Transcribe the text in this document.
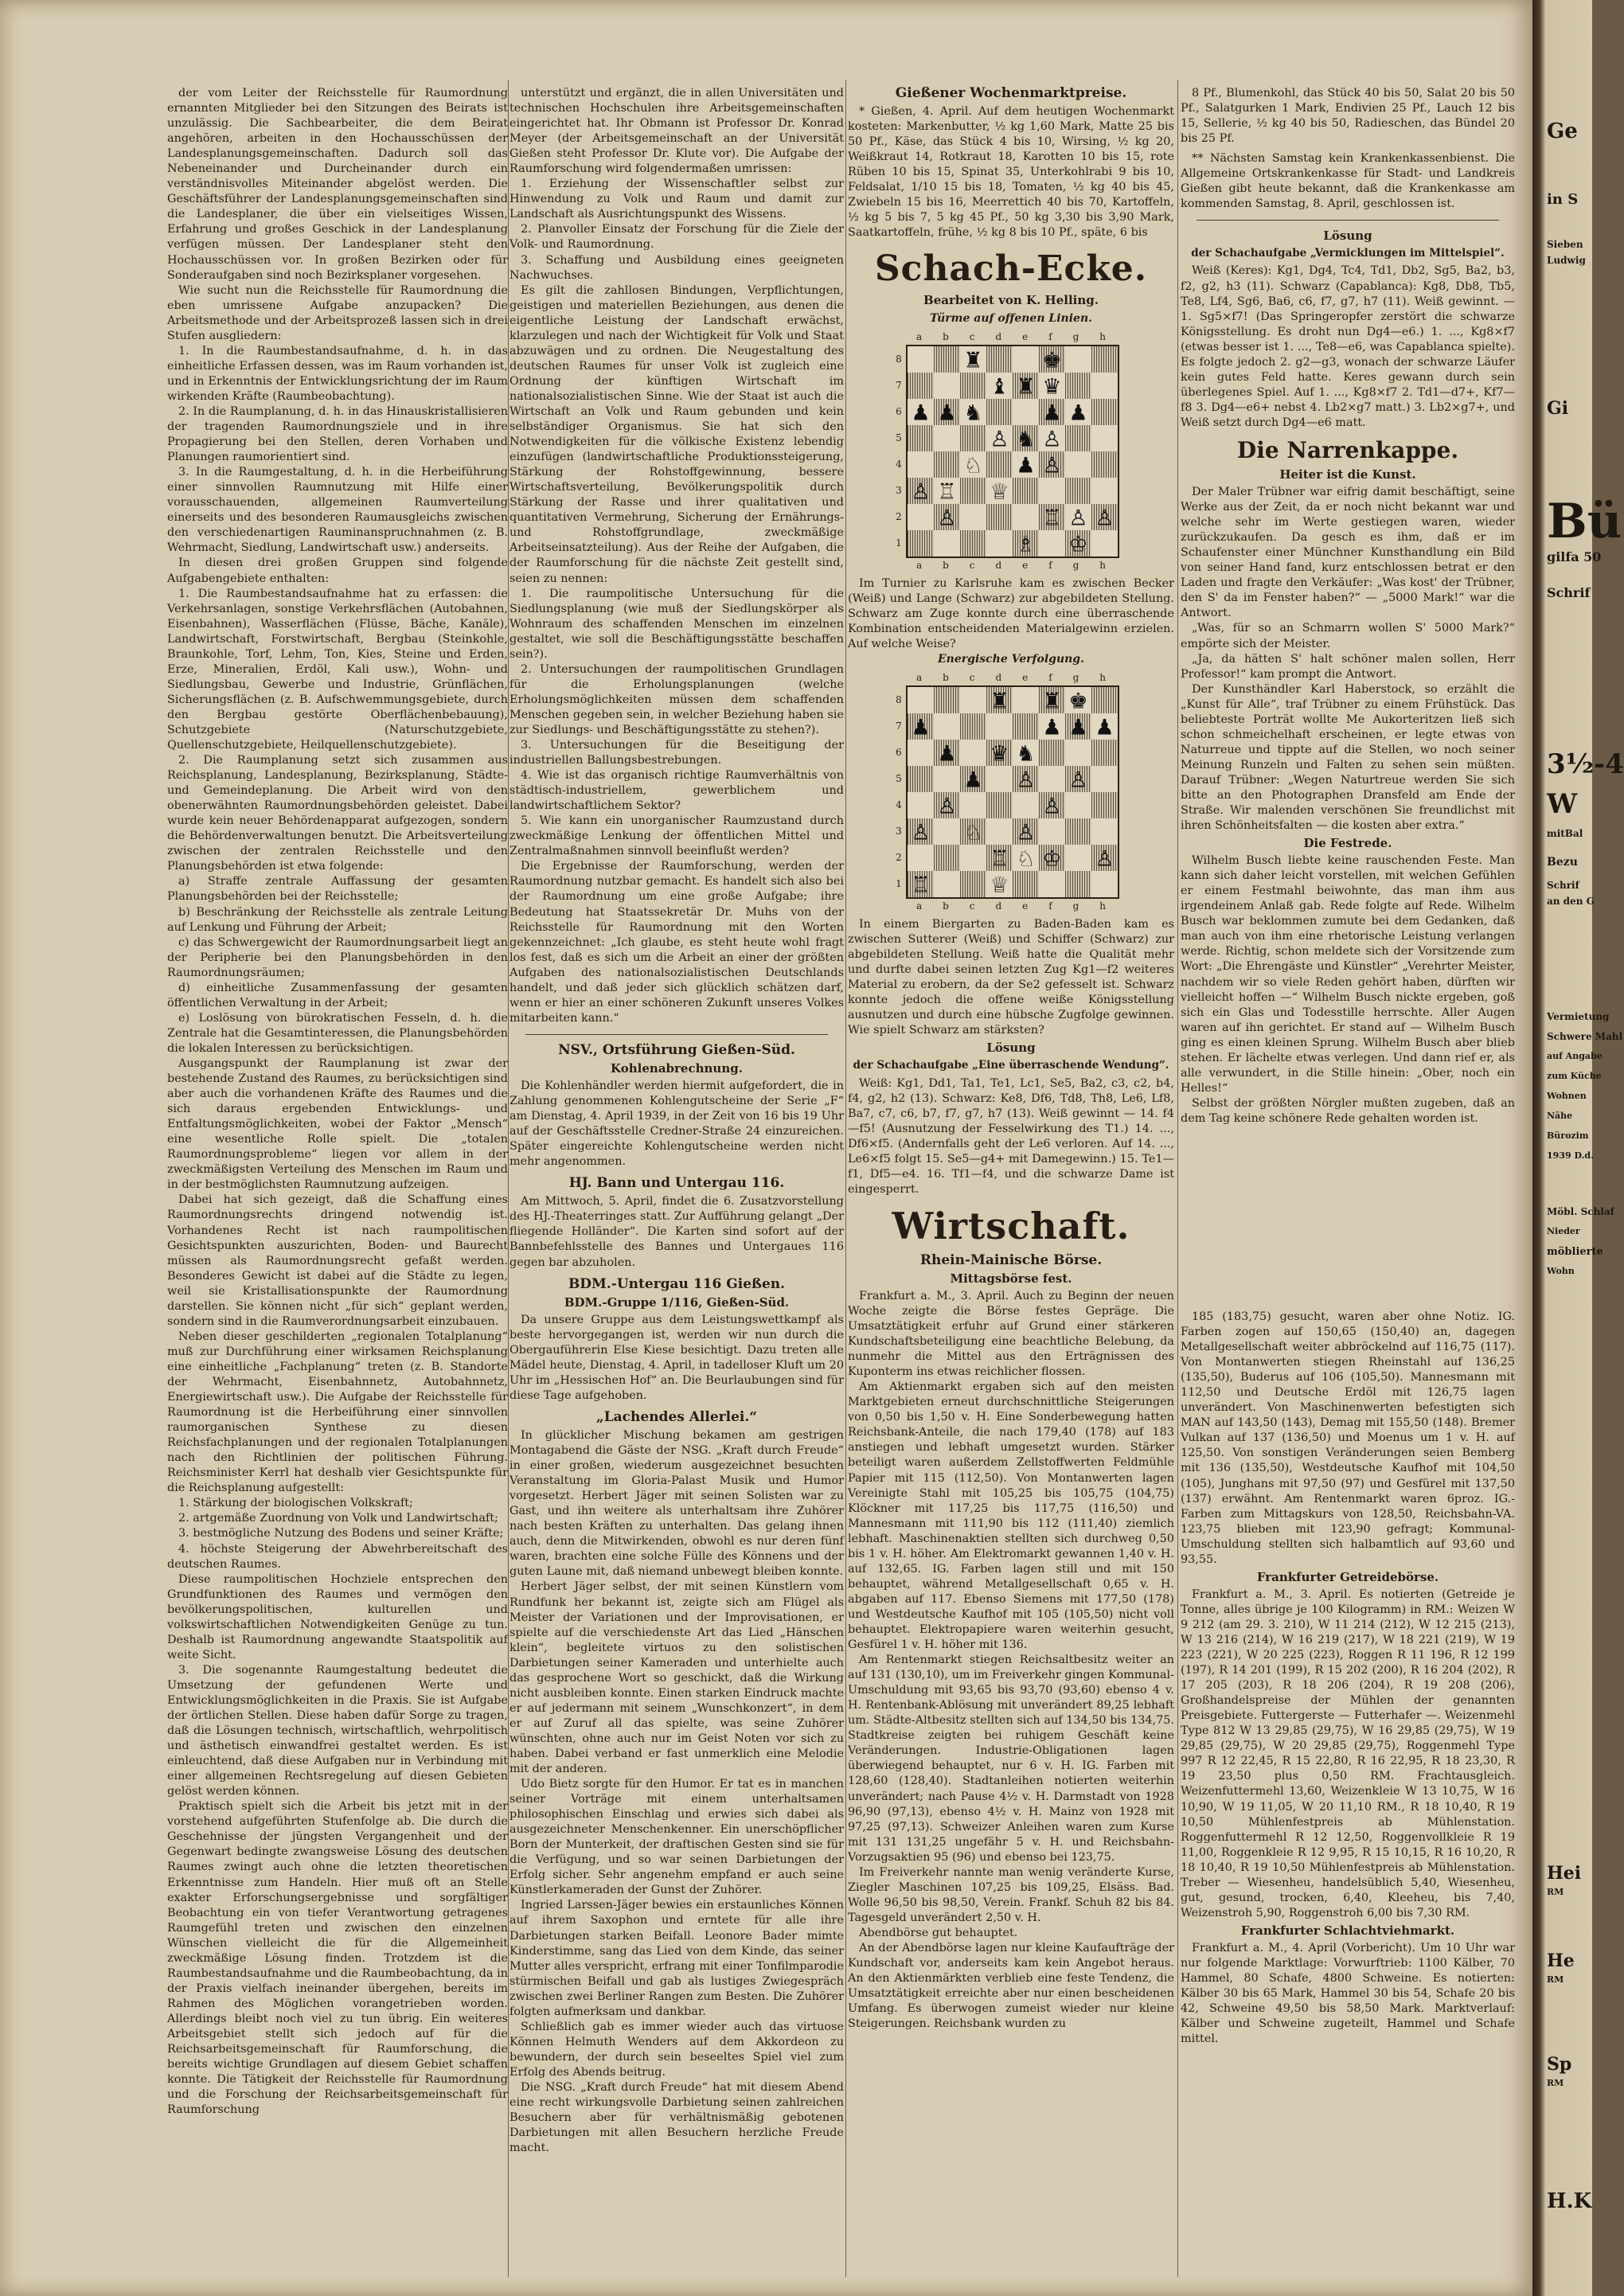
der vom Leiter der Reichsstelle für Raumordnung ernannten Mitglieder bei den Sitzungen des Beirats ist unzulässig. Die Sachbearbeiter, die dem Beirat angehören, arbeiten in den Hochausschüssen der Landesplanungsgemeinschaften. Dadurch soll das Nebeneinander und Durcheinander durch ein verständnisvolles Miteinander abgelöst werden. Die Geschäftsführer der Landesplanungsgemeinschaften sind die Landesplaner, die über ein vielseitiges Wissen, Erfahrung und großes Geschick in der Landesplanung verfügen müssen. Der Landesplaner steht den Hochausschüssen vor. In großen Bezirken oder für Sonderaufgaben sind noch Bezirksplaner vorgesehen.

Wie sucht nun die Reichsstelle für Raumordnung die eben umrissene Aufgabe anzupacken? Die Arbeitsmethode und der Arbeitsprozeß lassen sich in drei Stufen ausgliedern:

1. In die Raumbestandsaufnahme, d. h. in das einheitliche Erfassen dessen, was im Raum vorhanden ist, und in Erkenntnis der Entwicklungsrichtung der im Raum wirkenden Kräfte (Raumbeobachtung).

2. In die Raumplanung, d. h. in das Hinauskristallisieren der tragenden Raumordnungsziele und in ihre Propagierung bei den Stellen, deren Vorhaben und Planungen raumorientiert sind.

3. In die Raumgestaltung, d. h. in die Herbeiführung einer sinnvollen Raumnutzung mit Hilfe einer vorausschauenden, allgemeinen Raumverteilung einerseits und des besonderen Raumausgleichs zwischen den verschiedenartigen Rauminanspruchnahmen (z. B. Wehrmacht, Siedlung, Landwirtschaft usw.) anderseits.

In diesen drei großen Gruppen sind folgende Aufgabengebiete enthalten:

1. Die Raumbestandsaufnahme hat zu erfassen: die Verkehrsanlagen, sonstige Verkehrsflächen (Autobahnen, Eisenbahnen), Wasserflächen (Flüsse, Bäche, Kanäle), Landwirtschaft, Forstwirtschaft, Bergbau (Steinkohle, Braunkohle, Torf, Lehm, Ton, Kies, Steine und Erden, Erze, Mineralien, Erdöl, Kali usw.), Wohn- und Siedlungsbau, Gewerbe und Industrie, Grünflächen, Sicherungsflächen (z. B. Aufschwemmungsgebiete, durch den Bergbau gestörte Oberflächenbebauung), Schutzgebiete (Naturschutzgebiete, Quellenschutzgebiete, Heilquellenschutzgebiete).

2. Die Raumplanung setzt sich zusammen aus Reichsplanung, Landesplanung, Bezirksplanung, Städte- und Gemeindeplanung. Die Arbeit wird von den obenerwähnten Raumordnungsbehörden geleistet. Dabei wurde kein neuer Behördenapparat aufgezogen, sondern die Behördenverwaltungen benutzt. Die Arbeitsverteilung zwischen der zentralen Reichsstelle und den Planungsbehörden ist etwa folgende:

a) Straffe zentrale Auffassung der gesamten Planungsbehörden bei der Reichsstelle;

b) Beschränkung der Reichsstelle als zentrale Leitung auf Lenkung und Führung der Arbeit;

c) das Schwergewicht der Raumordnungsarbeit liegt an der Peripherie bei den Planungsbehörden in den Raumordnungsräumen;

d) einheitliche Zusammenfassung der gesamten öffentlichen Verwaltung in der Arbeit;

e) Loslösung von bürokratischen Fesseln, d. h. die Zentrale hat die Gesamtinteressen, die Planungsbehörden die lokalen Interessen zu berücksichtigen.

Ausgangspunkt der Raumplanung ist zwar der bestehende Zustand des Raumes, zu berücksichtigen sind aber auch die vorhandenen Kräfte des Raumes und die sich daraus ergebenden Entwicklungs- und Entfaltungsmöglichkeiten, wobei der Faktor „Mensch“ eine wesentliche Rolle spielt. Die „totalen Raumordnungsprobleme“ liegen vor allem in der zweckmäßigsten Verteilung des Menschen im Raum und in der bestmöglichsten Raumnutzung aufzeigen.

Dabei hat sich gezeigt, daß die Schaffung eines Raumordnungsrechts dringend notwendig ist. Vorhandenes Recht ist nach raumpolitischen Gesichtspunkten auszurichten, Boden- und Baurecht müssen als Raumordnungsrecht gefaßt werden. Besonderes Gewicht ist dabei auf die Städte zu legen, weil sie Kristallisationspunkte der Raumordnung darstellen. Sie können nicht „für sich“ geplant werden, sondern sind in die Raumverordnungsarbeit einzubauen.

Neben dieser geschilderten „regionalen Totalplanung“ muß zur Durchführung einer wirksamen Reichsplanung eine einheitliche „Fachplanung“ treten (z. B. Standorte der Wehrmacht, Eisenbahnnetz, Autobahnnetz, Energiewirtschaft usw.). Die Aufgabe der Reichsstelle für Raumordnung ist die Herbeiführung einer sinnvollen raumorganischen Synthese zu diesen Reichsfachplanungen und der regionalen Totalplanungen nach den Richtlinien der politischen Führung. Reichsminister Kerrl hat deshalb vier Gesichtspunkte für die Reichsplanung aufgestellt:

1. Stärkung der biologischen Volkskraft;

2. artgemäße Zuordnung von Volk und Landwirtschaft;

3. bestmögliche Nutzung des Bodens und seiner Kräfte;

4. höchste Steigerung der Abwehrbereitschaft des deutschen Raumes.

Diese raumpolitischen Hochziele entsprechen den Grundfunktionen des Raumes und vermögen den bevölkerungspolitischen, kulturellen und volkswirtschaftlichen Notwendigkeiten Genüge zu tun. Deshalb ist Raumordnung angewandte Staatspolitik auf weite Sicht.

3. Die sogenannte Raumgestaltung bedeutet die Umsetzung der gefundenen Werte und Entwicklungsmöglichkeiten in die Praxis. Sie ist Aufgabe der örtlichen Stellen. Diese haben dafür Sorge zu tragen, daß die Lösungen technisch, wirtschaftlich, wehrpolitisch und ästhetisch einwandfrei gestaltet werden. Es ist einleuchtend, daß diese Aufgaben nur in Verbindung mit einer allgemeinen Rechtsregelung auf diesen Gebieten gelöst werden können.

Praktisch spielt sich die Arbeit bis jetzt mit in der vorstehend aufgeführten Stufenfolge ab. Die durch die Geschehnisse der jüngsten Vergangenheit und der Gegenwart bedingte zwangsweise Lösung des deutschen Raumes zwingt auch ohne die letzten theoretischen Erkenntnisse zum Handeln. Hier muß oft an Stelle exakter Erforschungsergebnisse und sorgfältiger Beobachtung ein von tiefer Verantwortung getragenes Raumgefühl treten und zwischen den einzelnen Wünschen vielleicht die für die Allgemeinheit zweckmäßige Lösung finden. Trotzdem ist die Raumbestandsaufnahme und die Raumbeobachtung, da in der Praxis vielfach ineinander übergehen, bereits im Rahmen des Möglichen vorangetrieben worden. Allerdings bleibt noch viel zu tun übrig. Ein weiteres Arbeitsgebiet stellt sich jedoch auf für die Reichsarbeitsgemeinschaft für Raumforschung, die bereits wichtige Grundlagen auf diesem Gebiet schaffen konnte. Die Tätigkeit der Reichsstelle für Raumordnung und die Forschung der Reichsarbeitsgemeinschaft für Raumforschung

unterstützt und ergänzt, die in allen Universitäten und technischen Hochschulen ihre Arbeitsgemeinschaften eingerichtet hat. Ihr Obmann ist Professor Dr. Konrad Meyer (der Arbeitsgemeinschaft an der Universität Gießen steht Professor Dr. Klute vor). Die Aufgabe der Raumforschung wird folgendermaßen umrissen:

1. Erziehung der Wissenschaftler selbst zur Hinwendung zu Volk und Raum und damit zur Landschaft als Ausrichtungspunkt des Wissens.

2. Planvoller Einsatz der Forschung für die Ziele der Volk- und Raumordnung.

3. Schaffung und Ausbildung eines geeigneten Nachwuchses.

Es gilt die zahllosen Bindungen, Verpflichtungen, geistigen und materiellen Beziehungen, aus denen die eigentliche Leistung der Landschaft erwächst, klarzulegen und nach der Wichtigkeit für Volk und Staat abzuwägen und zu ordnen. Die Neugestaltung des deutschen Raumes für unser Volk ist zugleich eine Ordnung der künftigen Wirtschaft im nationalsozialistischen Sinne. Wie der Staat ist auch die Wirtschaft an Volk und Raum gebunden und kein selbständiger Organismus. Sie hat sich den Notwendigkeiten für die völkische Existenz lebendig einzufügen (landwirtschaftliche Produktionssteigerung, Stärkung der Rohstoffgewinnung, bessere Wirtschaftsverteilung, Bevölkerungspolitik durch Stärkung der Rasse und ihrer qualitativen und quantitativen Vermehrung, Sicherung der Ernährungs- und Rohstoffgrundlage, zweckmäßige Arbeitseinsatzteilung). Aus der Reihe der Aufgaben, die der Raumforschung für die nächste Zeit gestellt sind, seien zu nennen:

1. Die raumpolitische Untersuchung für die Siedlungsplanung (wie muß der Siedlungskörper als Wohnraum des schaffenden Menschen im einzelnen gestaltet, wie soll die Beschäftigungsstätte beschaffen sein?).

2. Untersuchungen der raumpolitischen Grundlagen für die Erholungsplanungen (welche Erholungsmöglichkeiten müssen dem schaffenden Menschen gegeben sein, in welcher Beziehung haben sie zur Siedlungs- und Beschäftigungsstätte zu stehen?).

3. Untersuchungen für die Beseitigung der industriellen Ballungsbestrebungen.

4. Wie ist das organisch richtige Raumverhältnis von städtisch-industriellem, gewerblichem und landwirtschaftlichem Sektor?

5. Wie kann ein unorganischer Raumzustand durch zweckmäßige Lenkung der öffentlichen Mittel und Zentralmaßnahmen sinnvoll beeinflußt werden?

Die Ergebnisse der Raumforschung, werden der Raumordnung nutzbar gemacht. Es handelt sich also bei der Raumordnung um eine große Aufgabe; ihre Bedeutung hat Staatssekretär Dr. Muhs von der Reichsstelle für Raumordnung mit den Worten gekennzeichnet: „Ich glaube, es steht heute wohl fragt los fest, daß es sich um die Arbeit an einer der größten Aufgaben des nationalsozialistischen Deutschlands handelt, und daß jeder sich glücklich schätzen darf, wenn er hier an einer schöneren Zukunft unseres Volkes mitarbeiten kann.“

NSV., Ortsführung Gießen-Süd.
Kohlenabrechnung.

Die Kohlenhändler werden hiermit aufgefordert, die in Zahlung genommenen Kohlengutscheine der Serie „F“ am Dienstag, 4. April 1939, in der Zeit von 16 bis 19 Uhr auf der Geschäftsstelle Credner-Straße 24 einzureichen. Später eingereichte Kohlengutscheine werden nicht mehr angenommen.

HJ. Bann und Untergau 116.

Am Mittwoch, 5. April, findet die 6. Zusatzvorstellung des HJ.-Theaterringes statt. Zur Aufführung gelangt „Der fliegende Holländer“. Die Karten sind sofort auf der Bannbefehlsstelle des Bannes und Untergaues 116 gegen bar abzuholen.

BDM.-Untergau 116 Gießen.
BDM.-Gruppe 1/116, Gießen-Süd.

Da unsere Gruppe aus dem Leistungswettkampf als beste hervorgegangen ist, werden wir nun durch die Obergauführerin Else Kiese besichtigt. Dazu treten alle Mädel heute, Dienstag, 4. April, in tadelloser Kluft um 20 Uhr im „Hessischen Hof“ an. Die Beurlaubungen sind für diese Tage aufgehoben.

„Lachendes Allerlei.“

In glücklicher Mischung bekamen am gestrigen Montagabend die Gäste der NSG. „Kraft durch Freude“ in einer großen, wiederum ausgezeichnet besuchten Veranstaltung im Gloria-Palast Musik und Humor vorgesetzt. Herbert Jäger mit seinen Solisten war zu Gast, und ihn weitere als unterhaltsam ihre Zuhörer nach besten Kräften zu unterhalten. Das gelang ihnen auch, denn die Mitwirkenden, obwohl es nur deren fünf waren, brachten eine solche Fülle des Könnens und der guten Laune mit, daß niemand unbewegt bleiben konnte.

Herbert Jäger selbst, der mit seinen Künstlern vom Rundfunk her bekannt ist, zeigte sich am Flügel als Meister der Variationen und der Improvisationen, er spielte auf die verschiedenste Art das Lied „Hänschen klein“, begleitete virtuos zu den solistischen Darbietungen seiner Kameraden und unterhielte auch das gesprochene Wort so geschickt, daß die Wirkung nicht ausbleiben konnte. Einen starken Eindruck machte er auf jedermann mit seinem „Wunschkonzert“, in dem er auf Zuruf all das spielte, was seine Zuhörer wünschten, ohne auch nur im Geist Noten vor sich zu haben. Dabei verband er fast unmerklich eine Melodie mit der anderen.

Udo Bietz sorgte für den Humor. Er tat es in manchen seiner Vorträge mit einem unterhaltsamen philosophischen Einschlag und erwies sich dabei als ausgezeichneter Menschenkenner. Ein unerschöpflicher Born der Munterkeit, der draftischen Gesten sind sie für die Verfügung, und so war seinen Darbietungen der Erfolg sicher. Sehr angenehm empfand er auch seine Künstlerkameraden der Gunst der Zuhörer.

Ingried Larssen-Jäger bewies ein erstaunliches Können auf ihrem Saxophon und erntete für alle ihre Darbietungen starken Beifall. Leonore Bader mimte Kinderstimme, sang das Lied von dem Kinde, das seiner Mutter alles verspricht, erfrang mit einer Tonfilmparodie stürmischen Beifall und gab als lustiges Zwiegespräch zwischen zwei Berliner Rangen zum Besten. Die Zuhörer folgten aufmerksam und dankbar.

Schließlich gab es immer wieder auch das virtuose Können Helmuth Wenders auf dem Akkordeon zu bewundern, der durch sein beseeltes Spiel viel zum Erfolg des Abends beitrug.

Die NSG. „Kraft durch Freude“ hat mit diesem Abend eine recht wirkungsvolle Darbietung seinen zahlreichen Besuchern aber für verhältnismäßig gebotenen Darbietungen mit allen Besuchern herzliche Freude macht.

Gießener Wochenmarktpreise.

* Gießen, 4. April. Auf dem heutigen Wochenmarkt kosteten: Markenbutter, ½ kg 1,60 Mark, Matte 25 bis 50 Pf., Käse, das Stück 4 bis 10, Wirsing, ½ kg 20, Weißkraut 14, Rotkraut 18, Karotten 10 bis 15, rote Rüben 10 bis 15, Spinat 35, Unterkohlrabi 9 bis 10, Feldsalat, 1/10 15 bis 18, Tomaten, ½ kg 40 bis 45, Zwiebeln 15 bis 16, Meerrettich 40 bis 70, Kartoffeln, ½ kg 5 bis 7, 5 kg 45 Pf., 50 kg 3,30 bis 3,90 Mark, Saatkartoffeln, frühe, ½ kg 8 bis 10 Pf., späte, 6 bis

Schach-Ecke.
Bearbeitet von K. Helling.
Türme auf offenen Linien.
a b c d e f g h
8
7
6
5
4
3
2
1
♜	♚
♝ ♜ ♛
♟ ♟
♙ ♞
♟
♞	♟
♘ ♟ ♙
♙ ♖ ♕
♙	♖ ♙ ♙
♗ ♔
♙
a b c d e f g h

Im Turnier zu Karlsruhe kam es zwischen Becker (Weiß) und Lange (Schwarz) zur abgebildeten Stellung. Schwarz am Zuge konnte durch eine überraschende Kombination entscheidenden Materialgewinn erzielen. Auf welche Weise?

Energische Verfolgung.
a b c d e f g h
8
7
6
5
4
3
2
1
♜ ♜ ♚
♟	♟ ♟ ♟
♟ ♛ ♞
♟ ♙ ♙
♙	♙
♙ ♘ ♙
♖ ♘ ♔ ♙
♖	♕
a b c d e f g h

In einem Biergarten zu Baden-Baden kam es zwischen Sutterer (Weiß) und Schiffer (Schwarz) zur abgebildeten Stellung. Weiß hatte die Qualität mehr und durfte dabei seinen letzten Zug Kg1—f2 weiteres Material zu erobern, da der Se2 gefesselt ist. Schwarz konnte jedoch die offene weiße Königsstellung ausnutzen und durch eine hübsche Zugfolge gewinnen. Wie spielt Schwarz am stärksten?

Lösung
der Schachaufgabe „Eine überraschende Wendung“.

Weiß: Kg1, Dd1, Ta1, Te1, Lc1, Se5, Ba2, c3, c2, b4, f4, g2, h2 (13). Schwarz: Ke8, Df6, Td8, Th8, Le6, Lf8, Ba7, c7, c6, b7, f7, g7, h7 (13). Weiß gewinnt — 14. f4—f5! (Ausnutzung der Fesselwirkung des T1.) 14. ..., Df6×f5. (Andernfalls geht der Le6 verloren. Auf 14. ..., Le6×f5 folgt 15. Se5—g4+ mit Damegewinn.) 15. Te1—f1, Df5—e4. 16. Tf1—f4, und die schwarze Dame ist eingesperrt.

Wirtschaft.
Rhein-Mainische Börse.
Mittagsbörse fest.

Frankfurt a. M., 3. April. Auch zu Beginn der neuen Woche zeigte die Börse festes Gepräge. Die Umsatztätigkeit erfuhr auf Grund einer stärkeren Kundschaftsbeteiligung eine beachtliche Belebung, da nunmehr die Mittel aus den Erträgnissen des Kuponterm ins etwas reichlicher flossen.

Am Aktienmarkt ergaben sich auf den meisten Marktgebieten erneut durchschnittliche Steigerungen von 0,50 bis 1,50 v. H. Eine Sonderbewegung hatten Reichsbank-Anteile, die nach 179,40 (178) auf 183 anstiegen und lebhaft umgesetzt wurden. Stärker beteiligt waren außerdem Zellstoffwerten Feldmühle Papier mit 115 (112,50). Von Montanwerten lagen Vereinigte Stahl mit 105,25 bis 105,75 (104,75) Klöckner mit 117,25 bis 117,75 (116,50) und Mannesmann mit 111,90 bis 112 (111,40) ziemlich lebhaft. Maschinenaktien stellten sich durchweg 0,50 bis 1 v. H. höher. Am Elektromarkt gewannen 1,40 v. H. auf 132,65. IG. Farben lagen still und mit 150 behauptet, während Metallgesellschaft 0,65 v. H. abgaben auf 117. Ebenso Siemens mit 177,50 (178) und Westdeutsche Kaufhof mit 105 (105,50) nicht voll behauptet. Elektropapiere waren weiterhin gesucht, Gesfürel 1 v. H. höher mit 136.

Am Rentenmarkt stiegen Reichsaltbesitz weiter an auf 131 (130,10), um im Freiverkehr gingen Kommunal-Umschuldung mit 93,65 bis 93,70 (93,60) ebenso 4 v. H. Rentenbank-Ablösung mit unverändert 89,25 lebhaft um. Städte-Altbesitz stellten sich auf 134,50 bis 134,75. Stadtkreise zeigten bei ruhigem Geschäft keine Veränderungen. Industrie-Obligationen lagen überwiegend behauptet, nur 6 v. H. IG. Farben mit 128,60 (128,40). Stadtanleihen notierten weiterhin unverändert; nach Pause 4½ v. H. Darmstadt von 1928 96,90 (97,13), ebenso 4½ v. H. Mainz von 1928 mit 97,25 (97,13). Schweizer Anleihen waren zum Kurse mit 131 131,25 ungefähr 5 v. H. und Reichsbahn-Vorzugsaktien 95 (96) und ebenso bei 123,75.

Im Freiverkehr nannte man wenig veränderte Kurse, Ziegler Maschinen 107,25 bis 109,25, Elsäss. Bad. Wolle 96,50 bis 98,50, Verein. Frankf. Schuh 82 bis 84. Tagesgeld unverändert 2,50 v. H.

Abendbörse gut behauptet.

An der Abendbörse lagen nur kleine Kaufaufträge der Kundschaft vor, anderseits kam kein Angebot heraus. An den Aktienmärkten verblieb eine feste Tendenz, die Umsatztätigkeit erreichte aber nur einen bescheidenen Umfang. Es überwogen zumeist wieder nur kleine Steigerungen. Reichsbank wurden zu

8 Pf., Blumenkohl, das Stück 40 bis 50, Salat 20 bis 50 Pf., Salatgurken 1 Mark, Endivien 25 Pf., Lauch 12 bis 15, Sellerie, ½ kg 40 bis 50, Radieschen, das Bündel 20 bis 25 Pf.

** Nächsten Samstag kein Krankenkassenbienst. Die Allgemeine Ortskrankenkasse für Stadt- und Landkreis Gießen gibt heute bekannt, daß die Krankenkasse am kommenden Samstag, 8. April, geschlossen ist.

Lösung
der Schachaufgabe „Vermicklungen im Mittelspiel“.

Weiß (Keres): Kg1, Dg4, Tc4, Td1, Db2, Sg5, Ba2, b3, f2, g2, h3 (11). Schwarz (Capablanca): Kg8, Db8, Tb5, Te8, Lf4, Sg6, Ba6, c6, f7, g7, h7 (11). Weiß gewinnt. — 1. Sg5×f7! (Das Springeropfer zerstört die schwarze Königsstellung. Es droht nun Dg4—e6.) 1. ..., Kg8×f7 (etwas besser ist 1. ..., Te8—e6, was Capablanca spielte). Es folgte jedoch 2. g2—g3, wonach der schwarze Läufer kein gutes Feld hatte. Keres gewann durch sein überlegenes Spiel. Auf 1. ..., Kg8×f7 2. Td1—d7+, Kf7—f8 3. Dg4—e6+ nebst 4. Lb2×g7 matt.) 3. Lb2×g7+, und Weiß setzt durch Dg4—e6 matt.

Die Narrenkappe.
Heiter ist die Kunst.

Der Maler Trübner war eifrig damit beschäftigt, seine Werke aus der Zeit, da er noch nicht bekannt war und welche sehr im Werte gestiegen waren, wieder zurückzukaufen. Da gesch es ihm, daß er im Schaufenster einer Münchner Kunsthandlung ein Bild von seiner Hand fand, kurz entschlossen betrat er den Laden und fragte den Verkäufer: „Was kost' der Trübner, den S' da im Fenster haben?“ — „5000 Mark!“ war die Antwort.

„Was, für so an Schmarrn wollen S' 5000 Mark?“ empörte sich der Meister.

„Ja, da hätten S' halt schöner malen sollen, Herr Professor!“ kam prompt die Antwort.

Der Kunsthändler Karl Haberstock, so erzählt die „Kunst für Alle“, traf Trübner zu einem Frühstück. Das beliebteste Porträt wollte Me Aukorteritzen ließ sich schon schmeichelhaft erscheinen, er legte etwas von Naturreue und tippte auf die Stellen, wo noch seiner Meinung Runzeln und Falten zu sehen sein müßten. Darauf Trübner: „Wegen Naturtreue werden Sie sich bitte an den Photographen Dransfeld am Ende der Straße. Wir malenden verschönen Sie freundlichst mit ihren Schönheitsfalten — die kosten aber extra.“

Die Festrede.

Wilhelm Busch liebte keine rauschenden Feste. Man kann sich daher leicht vorstellen, mit welchen Gefühlen er einem Festmahl beiwohnte, das man ihm aus irgendeinem Anlaß gab. Rede folgte auf Rede. Wilhelm Busch war beklommen zumute bei dem Gedanken, daß man auch von ihm eine rhetorische Leistung verlangen werde. Richtig, schon meldete sich der Vorsitzende zum Wort: „Die Ehrengäste und Künstler“ „Verehrter Meister, nachdem wir so viele Reden gehört haben, dürften wir vielleicht hoffen —“ Wilhelm Busch nickte ergeben, goß sich ein Glas und Todesstille herrschte. Aller Augen waren auf ihn gerichtet. Er stand auf — Wilhelm Busch ging es einen kleinen Sprung. Wilhelm Busch aber blieb stehen. Er lächelte etwas verlegen. Und dann rief er, als alle verwundert, in die Stille hinein: „Ober, noch ein Helles!“

Selbst der größten Nörgler mußten zugeben, daß an dem Tag keine schönere Rede gehalten worden ist.

185 (183,75) gesucht, waren aber ohne Notiz. IG. Farben zogen auf 150,65 (150,40) an, dagegen Metallgesellschaft weiter abbröckelnd auf 116,75 (117). Von Montanwerten stiegen Rheinstahl auf 136,25 (135,50), Buderus auf 106 (105,50). Mannesmann mit 112,50 und Deutsche Erdöl mit 126,75 lagen unverändert. Von Maschinenwerten befestigten sich MAN auf 143,50 (143), Demag mit 155,50 (148). Bremer Vulkan auf 137 (136,50) und Moenus um 1 v. H. auf 125,50. Von sonstigen Veränderungen seien Bemberg mit 136 (135,50), Westdeutsche Kaufhof mit 104,50 (105), Junghans mit 97,50 (97) und Gesfürel mit 137,50 (137) erwähnt. Am Rentenmarkt waren 6proz. IG.-Farben zum Mittagskurs von 128,50, Reichsbahn-VA. 123,75 blieben mit 123,90 gefragt; Kommunal-Umschuldung stellten sich halbamtlich auf 93,60 und 93,55.

Frankfurter Getreidebörse.

Frankfurt a. M., 3. April. Es notierten (Getreide je Tonne, alles übrige je 100 Kilogramm) in RM.: Weizen W 9 212 (am 29. 3. 210), W 11 214 (212), W 12 215 (213), W 13 216 (214), W 16 219 (217), W 18 221 (219), W 19 223 (221), W 20 225 (223), Roggen R 11 196, R 12 199 (197), R 14 201 (199), R 15 202 (200), R 16 204 (202), R 17 205 (203), R 18 206 (204), R 19 208 (206), Großhandelspreise der Mühlen der genannten Preisgebiete. Futtergerste — Futterhafer —. Weizenmehl Type 812 W 13 29,85 (29,75), W 16 29,85 (29,75), W 19 29,85 (29,75), W 20 29,85 (29,75), Roggenmehl Type 997 R 12 22,45, R 15 22,80, R 16 22,95, R 18 23,30, R 19 23,50 plus 0,50 RM. Frachtausgleich. Weizenfuttermehl 13,60, Weizenkleie W 13 10,75, W 16 10,90, W 19 11,05, W 20 11,10 RM., R 18 10,40, R 19 10,50 Mühlenfestpreis ab Mühlenstation. Roggenfuttermehl R 12 12,50, Roggenvollkleie R 19 11,00, Roggenkleie R 12 9,95, R 15 10,15, R 16 10,20, R 18 10,40, R 19 10,50 Mühlenfestpreis ab Mühlenstation. Treber — Wiesenheu, handelsüblich 5,40, Wiesenheu, gut, gesund, trocken, 6,40, Kleeheu, bis 7,40, Weizenstroh 5,90, Roggenstroh 6,00 bis 7,30 RM.

Frankfurter Schlachtviehmarkt.

Frankfurt a. M., 4. April (Vorbericht). Um 10 Uhr war nur folgende Marktlage: Vorwurftrieb: 1100 Kälber, 70 Hammel, 80 Schafe, 4800 Schweine. Es notierten: Kälber 30 bis 65 Mark, Hammel 30 bis 54, Schafe 20 bis 42, Schweine 49,50 bis 58,50 Mark. Marktverlauf: Kälber und Schweine zugeteilt, Hammel und Schafe mittel.

Ge
in S
Sieben
Ludwig
Gi
Bü
gilfa 50
Schrif
3½-4
W
mitBal
Bezu
Schrif
an den G
Vermietung
Schwere Mahl
auf Angabe
zum Küche
Wohnen
Nähe
Bürozim
1939 D.d.
Möbl. Schlaf
Nieder
möblierte
Wohn
Hei
RM
He
RM
Sp
RM
H.K
